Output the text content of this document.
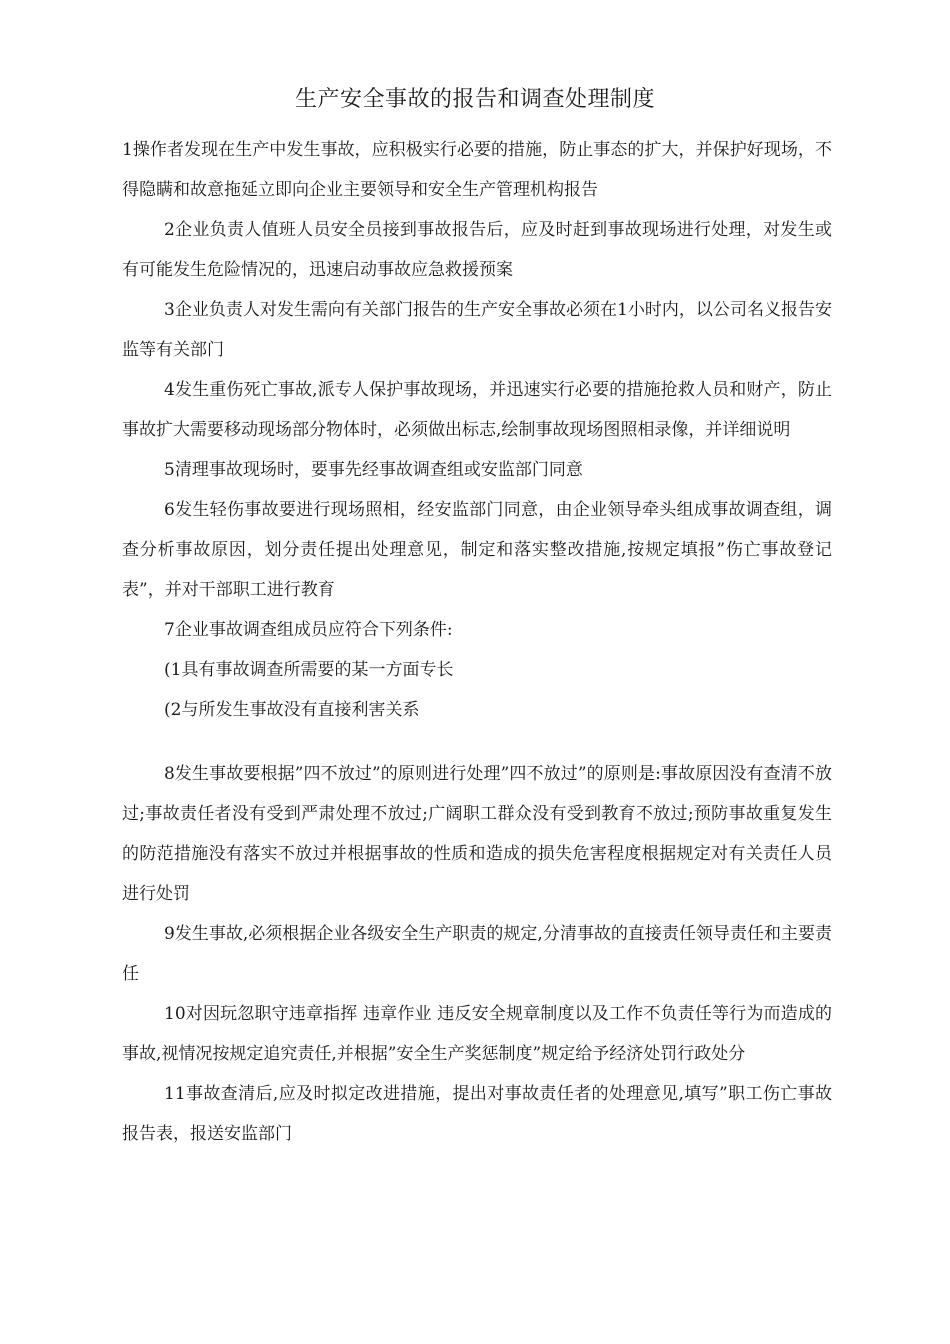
生产安全事故的报告和调查处理制度

1操作者发现在生产中发生事故，应积极实行必要的措施，防止事态的扩大，并保护好现场，不得隐瞒和故意拖延立即向企业主要领导和安全生产管理机构报告

2企业负责人值班人员安全员接到事故报告后，应及时赶到事故现场进行处理，对发生或有可能发生危险情况的，迅速启动事故应急救援预案

3企业负责人对发生需向有关部门报告的生产安全事故必须在1小时内，以公司名义报告安监等有关部门

4发生重伤死亡事故,派专人保护事故现场，并迅速实行必要的措施抢救人员和财产，防止事故扩大需要移动现场部分物体时，必须做出标志,绘制事故现场图照相录像，并详细说明

5清理事故现场时，要事先经事故调查组或安监部门同意

6发生轻伤事故要进行现场照相，经安监部门同意，由企业领导牵头组成事故调查组，调查分析事故原因，划分责任提出处理意见，制定和落实整改措施,按规定填报”伤亡事故登记表”，并对干部职工进行教育

7企业事故调查组成员应符合下列条件:

(1具有事故调查所需要的某一方面专长

(2与所发生事故没有直接利害关系

8发生事故要根据”四不放过”的原则进行处理”四不放过”的原则是:事故原因没有查清不放过;事故责任者没有受到严肃处理不放过;广阔职工群众没有受到教育不放过;预防事故重复发生的防范措施没有落实不放过并根据事故的性质和造成的损失危害程度根据规定对有关责任人员进行处罚

9发生事故,必须根据企业各级安全生产职责的规定,分清事故的直接责任领导责任和主要责任

10对因玩忽职守违章指挥 违章作业 违反安全规章制度以及工作不负责任等行为而造成的事故,视情况按规定追究责任,并根据”安全生产奖惩制度”规定给予经济处罚行政处分

11事故查清后,应及时拟定改进措施，提出对事故责任者的处理意见,填写”职工伤亡事故报告表，报送安监部门
